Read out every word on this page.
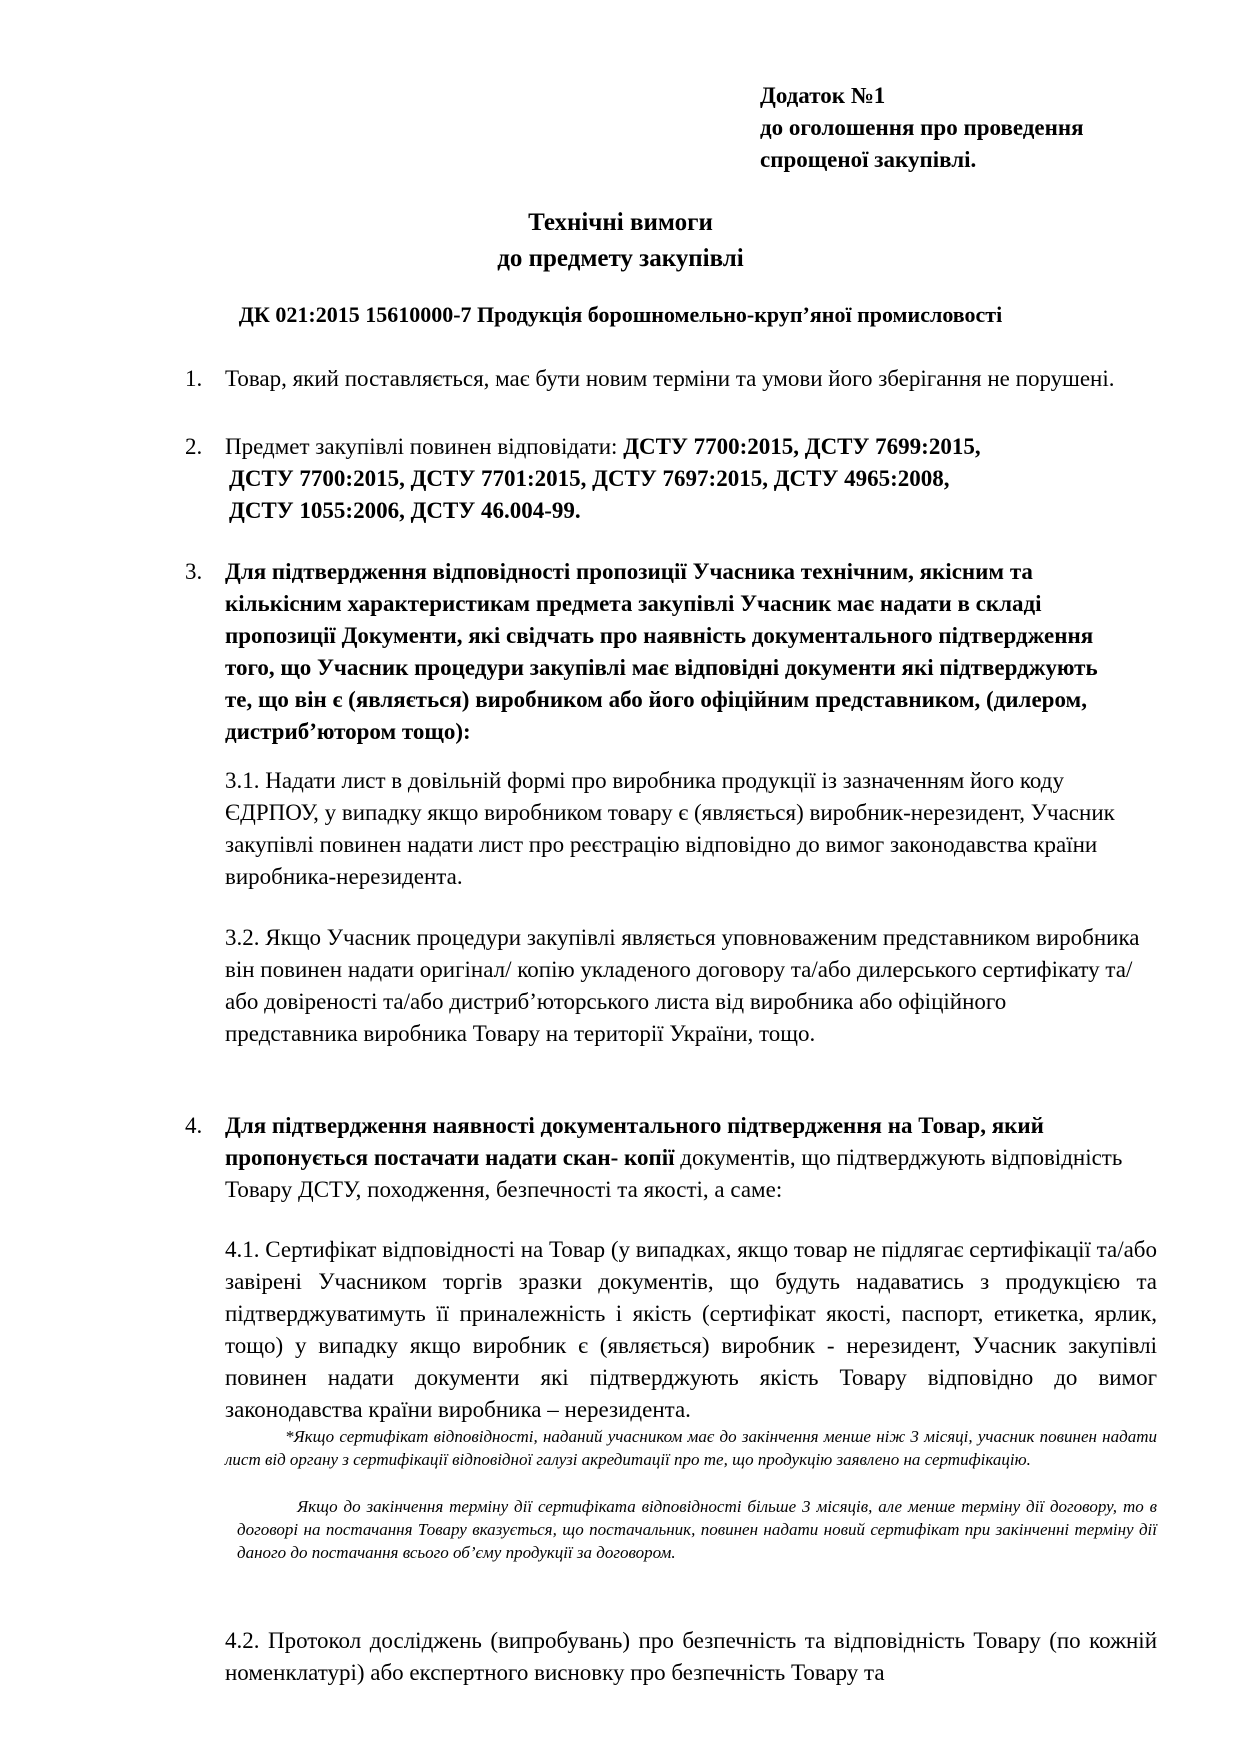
Додаток №1
до оголошення про проведення
спрощеної закупівлі.
Технічні вимоги
до предмету закупівлі
ДК 021:2015 15610000-7 Продукція борошномельно-круп’яної промисловості
1. Товар, який поставляється, має бути новим терміни та умови його зберігання не порушені.
2. Предмет закупівлі повинен відповідати: ДСТУ 7700:2015, ДСТУ 7699:2015,
ДСТУ 7700:2015, ДСТУ 7701:2015, ДСТУ 7697:2015, ДСТУ 4965:2008,
ДСТУ 1055:2006, ДСТУ 46.004-99.
3. Для підтвердження відповідності пропозиції Учасника технічним, якісним та кількісним характеристикам предмета закупівлі Учасник має надати в складі пропозиції Документи, які свідчать про наявність документального підтвердження того, що Учасник процедури закупівлі має відповідні документи які підтверджують те, що він є (являється) виробником або його офіційним представником, (дилером, дистриб’ютором тощо):
3.1. Надати лист в довільній формі про виробника продукції із зазначенням його коду ЄДРПОУ, у випадку якщо виробником товару є (являється) виробник-нерезидент, Учасник закупівлі повинен надати лист про реєстрацію відповідно до вимог законодавства країни виробника-нерезидента.
3.2. Якщо Учасник процедури закупівлі являється уповноваженим представником виробника він повинен надати оригінал/ копію укладеного договору та/або дилерського сертифікату та/або довіреності та/або дистриб’юторського листа від виробника або офіційного представника виробника Товару на території України, тощо.
4. Для підтвердження наявності документального підтвердження на Товар, який пропонується постачати надати скан- копії документів, що підтверджують відповідність Товару ДСТУ, походження, безпечності та якості, а саме:
4.1. Сертифікат відповідності на Товар (у випадках, якщо товар не підлягає сертифікації та/або завірені Учасником торгів зразки документів, що будуть надаватись з продукцією та підтверджуватимуть її приналежність і якість (сертифікат якості, паспорт, етикетка, ярлик, тощо) у випадку якщо виробник є (являється) виробник - нерезидент, Учасник закупівлі повинен надати документи які підтверджують якість Товару відповідно до вимог законодавства країни виробника – нерезидента.
*Якщо сертифікат відповідності, наданий учасником має до закінчення менше ніж 3 місяці, учасник повинен надати лист від органу з сертифікації відповідної галузі акредитації про те, що продукцію заявлено на сертифікацію.
Якщо до закінчення терміну дії сертифіката відповідності більше 3 місяців, але менше терміну дії договору, то в договорі на постачання Товару вказується, що постачальник, повинен надати новий сертифікат при закінченні терміну дії даного до постачання всього об’єму продукції за договором.
4.2. Протокол досліджень (випробувань) про безпечність та відповідність Товару (по кожній номенклатурі) або експертного висновку про безпечність Товару та
